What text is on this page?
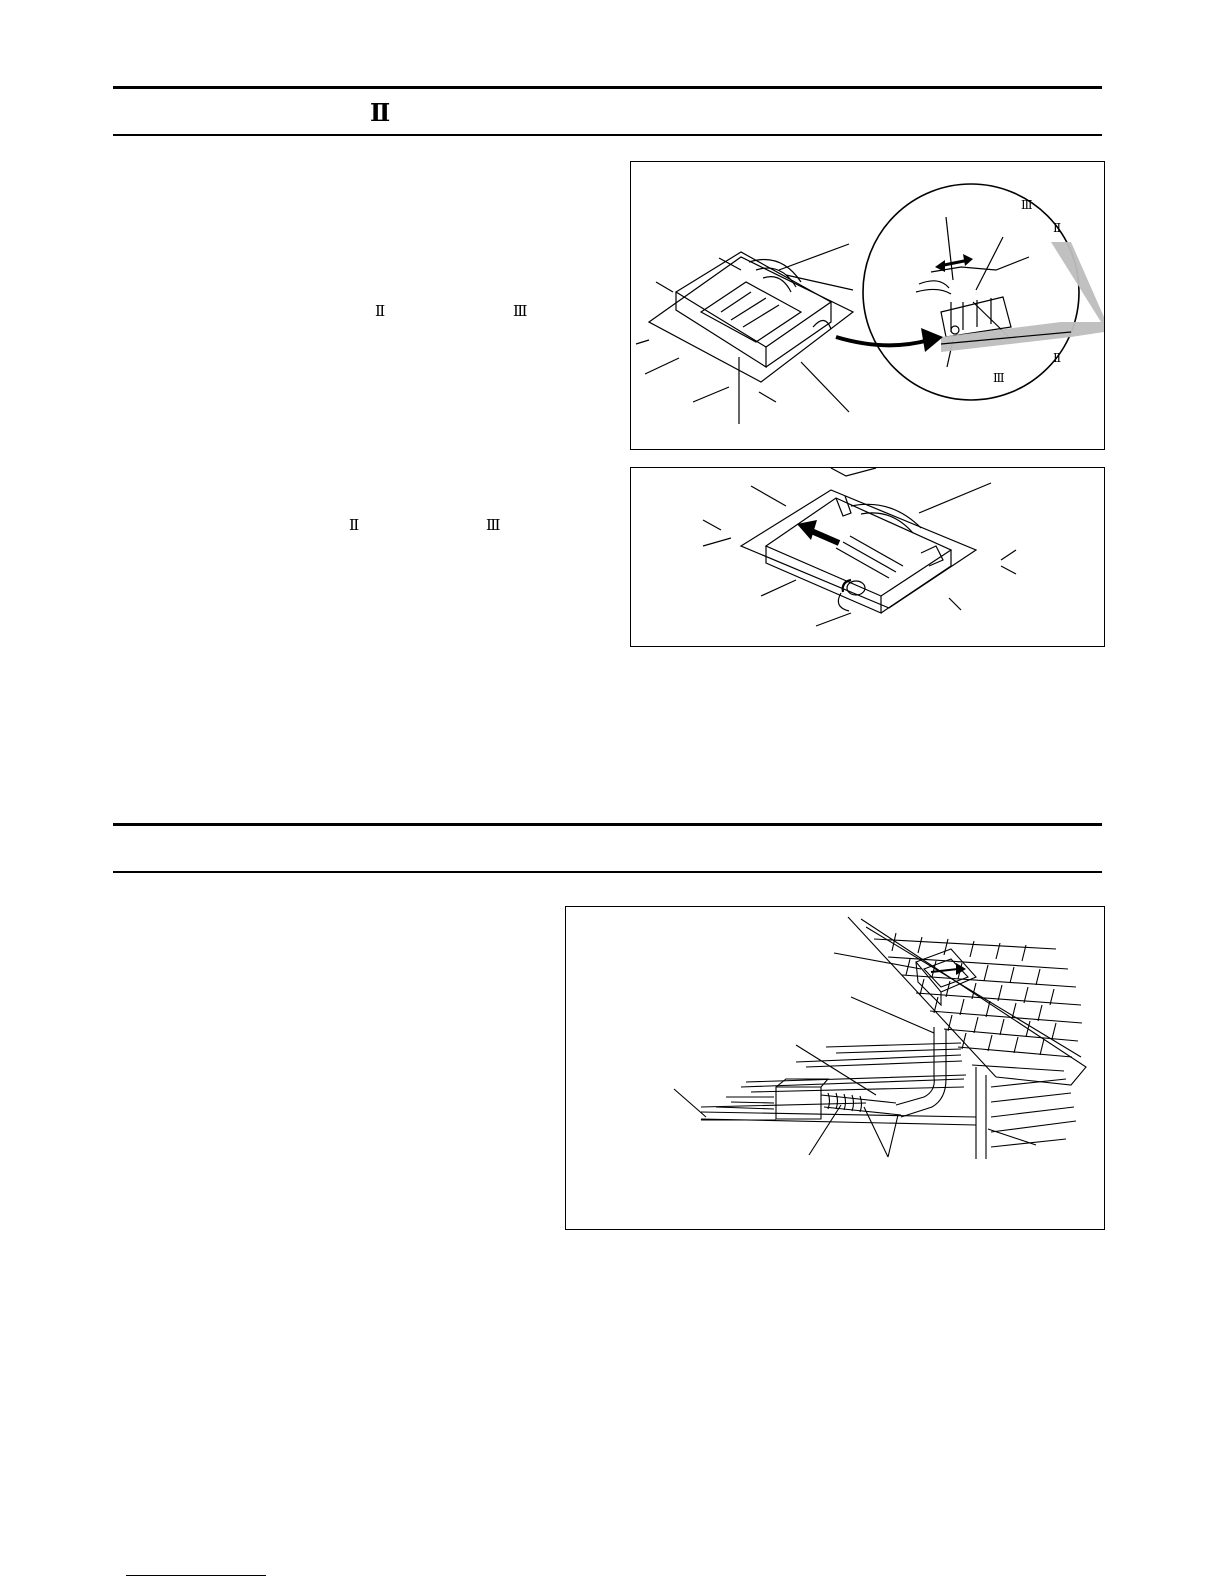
Ⅱ
Ⅱ	Ⅲ
Ⅱ	Ⅲ
Ⅲ
Ⅱ
Ⅲ
Ⅱ
